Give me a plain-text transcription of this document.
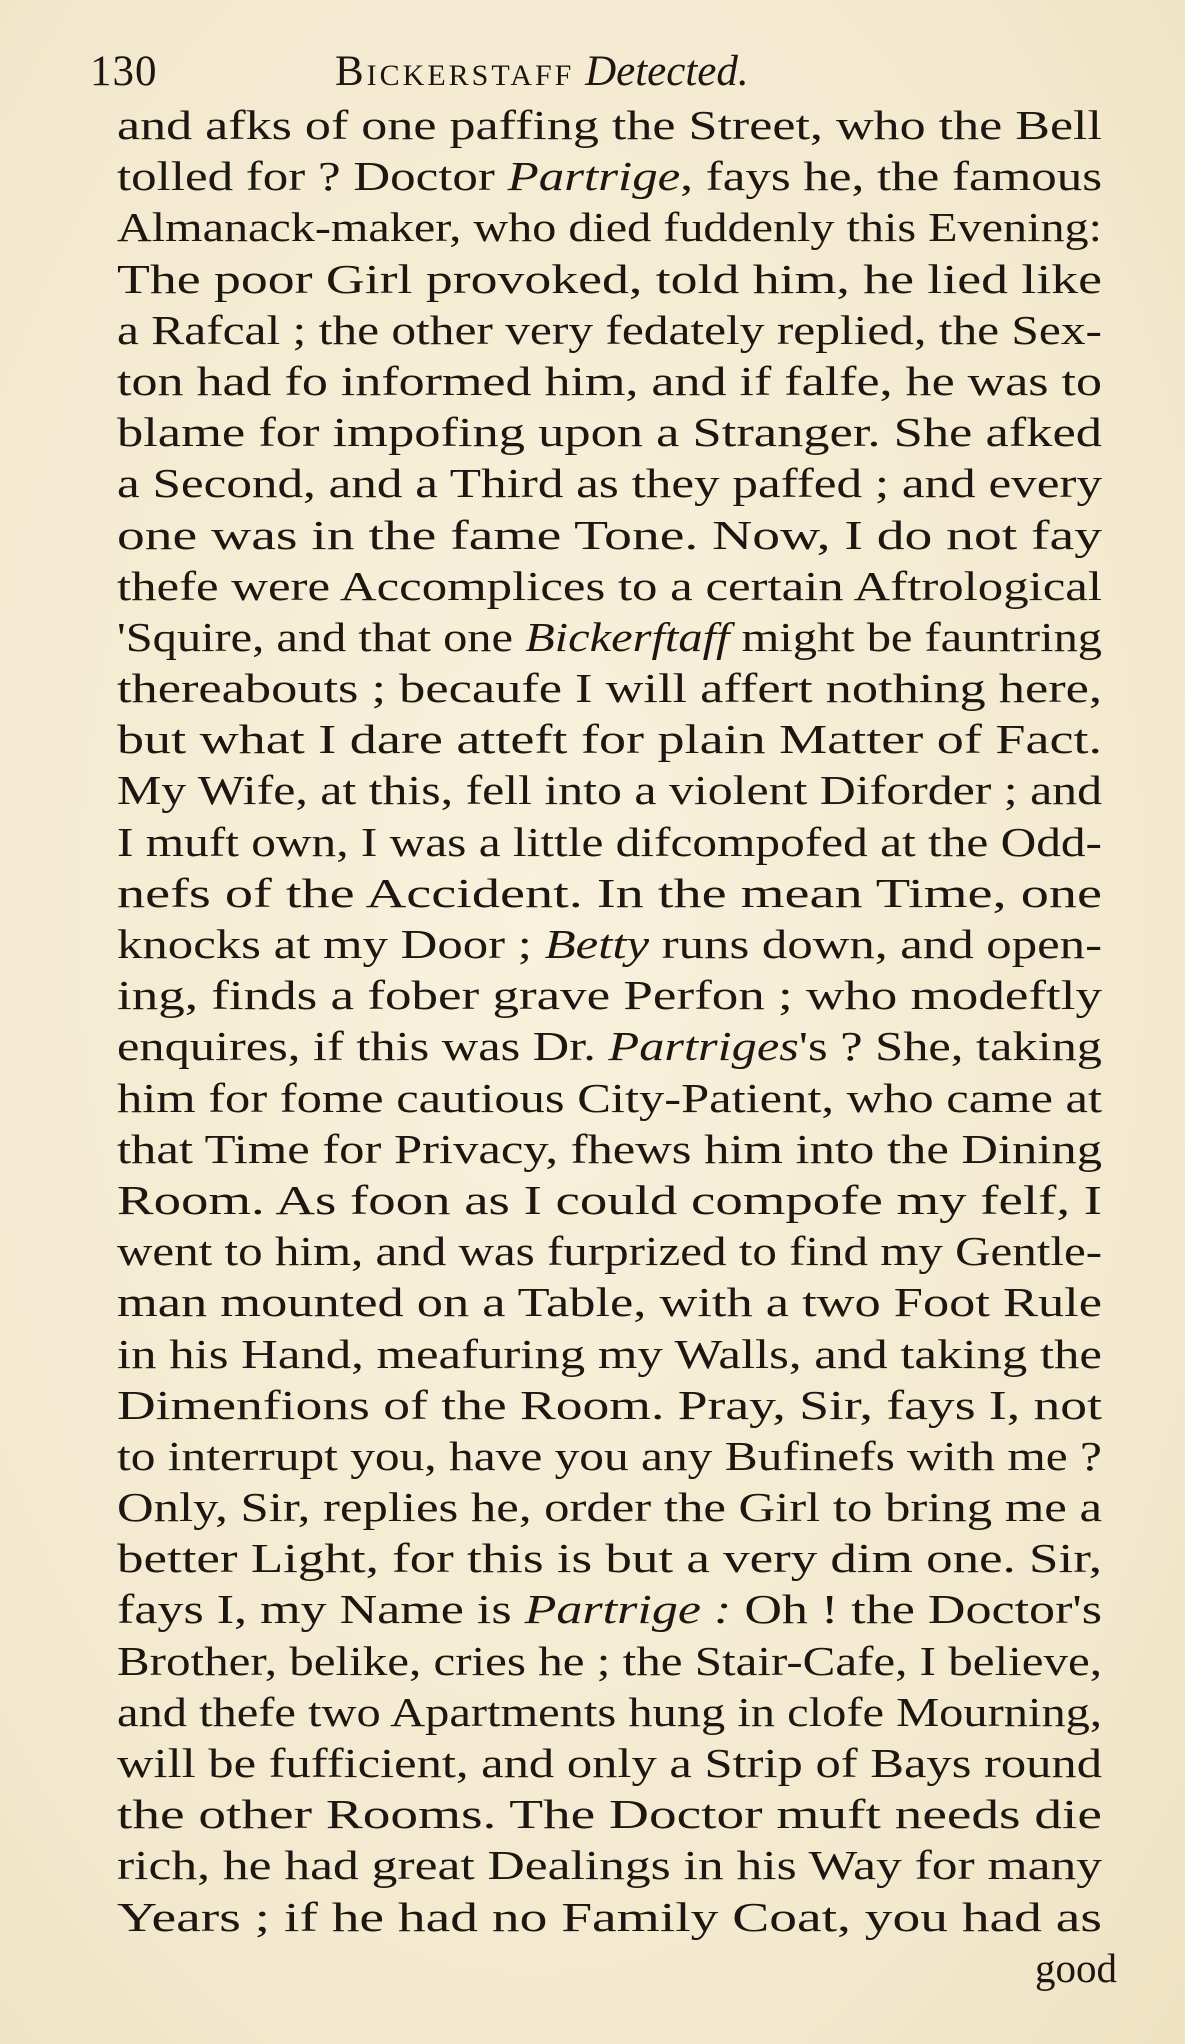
130	Bickerstaff Detected.
and afks of one paffing the Street, who the Bell
tolled for ? Doctor Partrige, fays he, the famous
Almanack-maker, who died fuddenly this Evening:
The poor Girl provoked, told him, he lied like
a Rafcal ; the other very fedately replied, the Sex-
ton had fo informed him, and if falfe, he was to
blame for impofing upon a Stranger. She afked
a Second, and a Third as they paffed ; and every
one was in the fame Tone. Now, I do not fay
thefe were Accomplices to a certain Aftrological
'Squire, and that one Bickerftaff might be fauntring
thereabouts ; becaufe I will affert nothing here,
but what I dare atteft for plain Matter of Fact.
My Wife, at this, fell into a violent Diforder ; and
I muft own, I was a little difcompofed at the Odd-
nefs of the Accident. In the mean Time, one
knocks at my Door ; Betty runs down, and open-
ing, finds a fober grave Perfon ; who modeftly
enquires, if this was Dr. Partriges's ? She, taking
him for fome cautious City-Patient, who came at
that Time for Privacy, fhews him into the Dining
Room. As foon as I could compofe my felf, I
went to him, and was furprized to find my Gentle-
man mounted on a Table, with a two Foot Rule
in his Hand, meafuring my Walls, and taking the
Dimenfions of the Room. Pray, Sir, fays I, not
to interrupt you, have you any Bufinefs with me ?
Only, Sir, replies he, order the Girl to bring me a
better Light, for this is but a very dim one. Sir,
fays I, my Name is Partrige : Oh ! the Doctor's
Brother, belike, cries he ; the Stair-Cafe, I believe,
and thefe two Apartments hung in clofe Mourning,
will be fufficient, and only a Strip of Bays round
the other Rooms. The Doctor muft needs die
rich, he had great Dealings in his Way for many
Years ; if he had no Family Coat, you had as
good
